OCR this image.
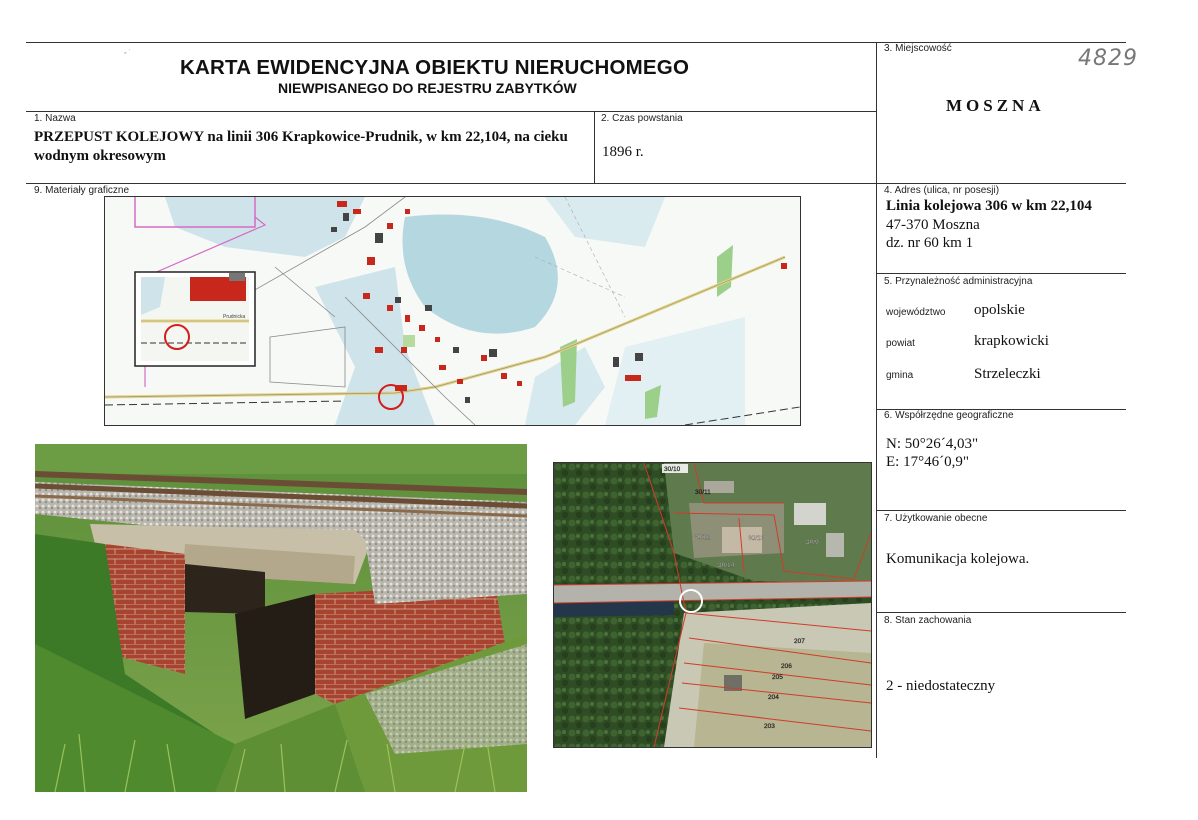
◦ ˙
KARTA EWIDENCYJNA OBIEKTU NIERUCHOMEGO
NIEWPISANEGO DO REJESTRU ZABYTKÓW
4829
1. Nazwa
PRZEPUST KOLEJOWY na linii 306 Krapkowice-Prudnik, w km 22,104, na cieku wodnym okresowym
2. Czas powstania
1896 r.
3. Miejscowość
MOSZNA
4. Adres (ulica, nr posesji)
Linia kolejowa 306 w km 22,104
47-370 Moszna
dz. nr 60 km 1
5. Przynależność administracyjna
województwo opolskie
powiat	krapkowicki
gmina	Strzeleczki
6. Współrzędne geograficzne
N: 50°26´4,03"
E: 17°46´0,9"
7. Użytkowanie obecne
Komunikacja kolejowa.
8. Stan zachowania
2 - niedostateczny
9. Materiały graficzne
Prudnicka
30/10
30/11
30/12	30/13
30/9
30/14
207
206
205
204
203
